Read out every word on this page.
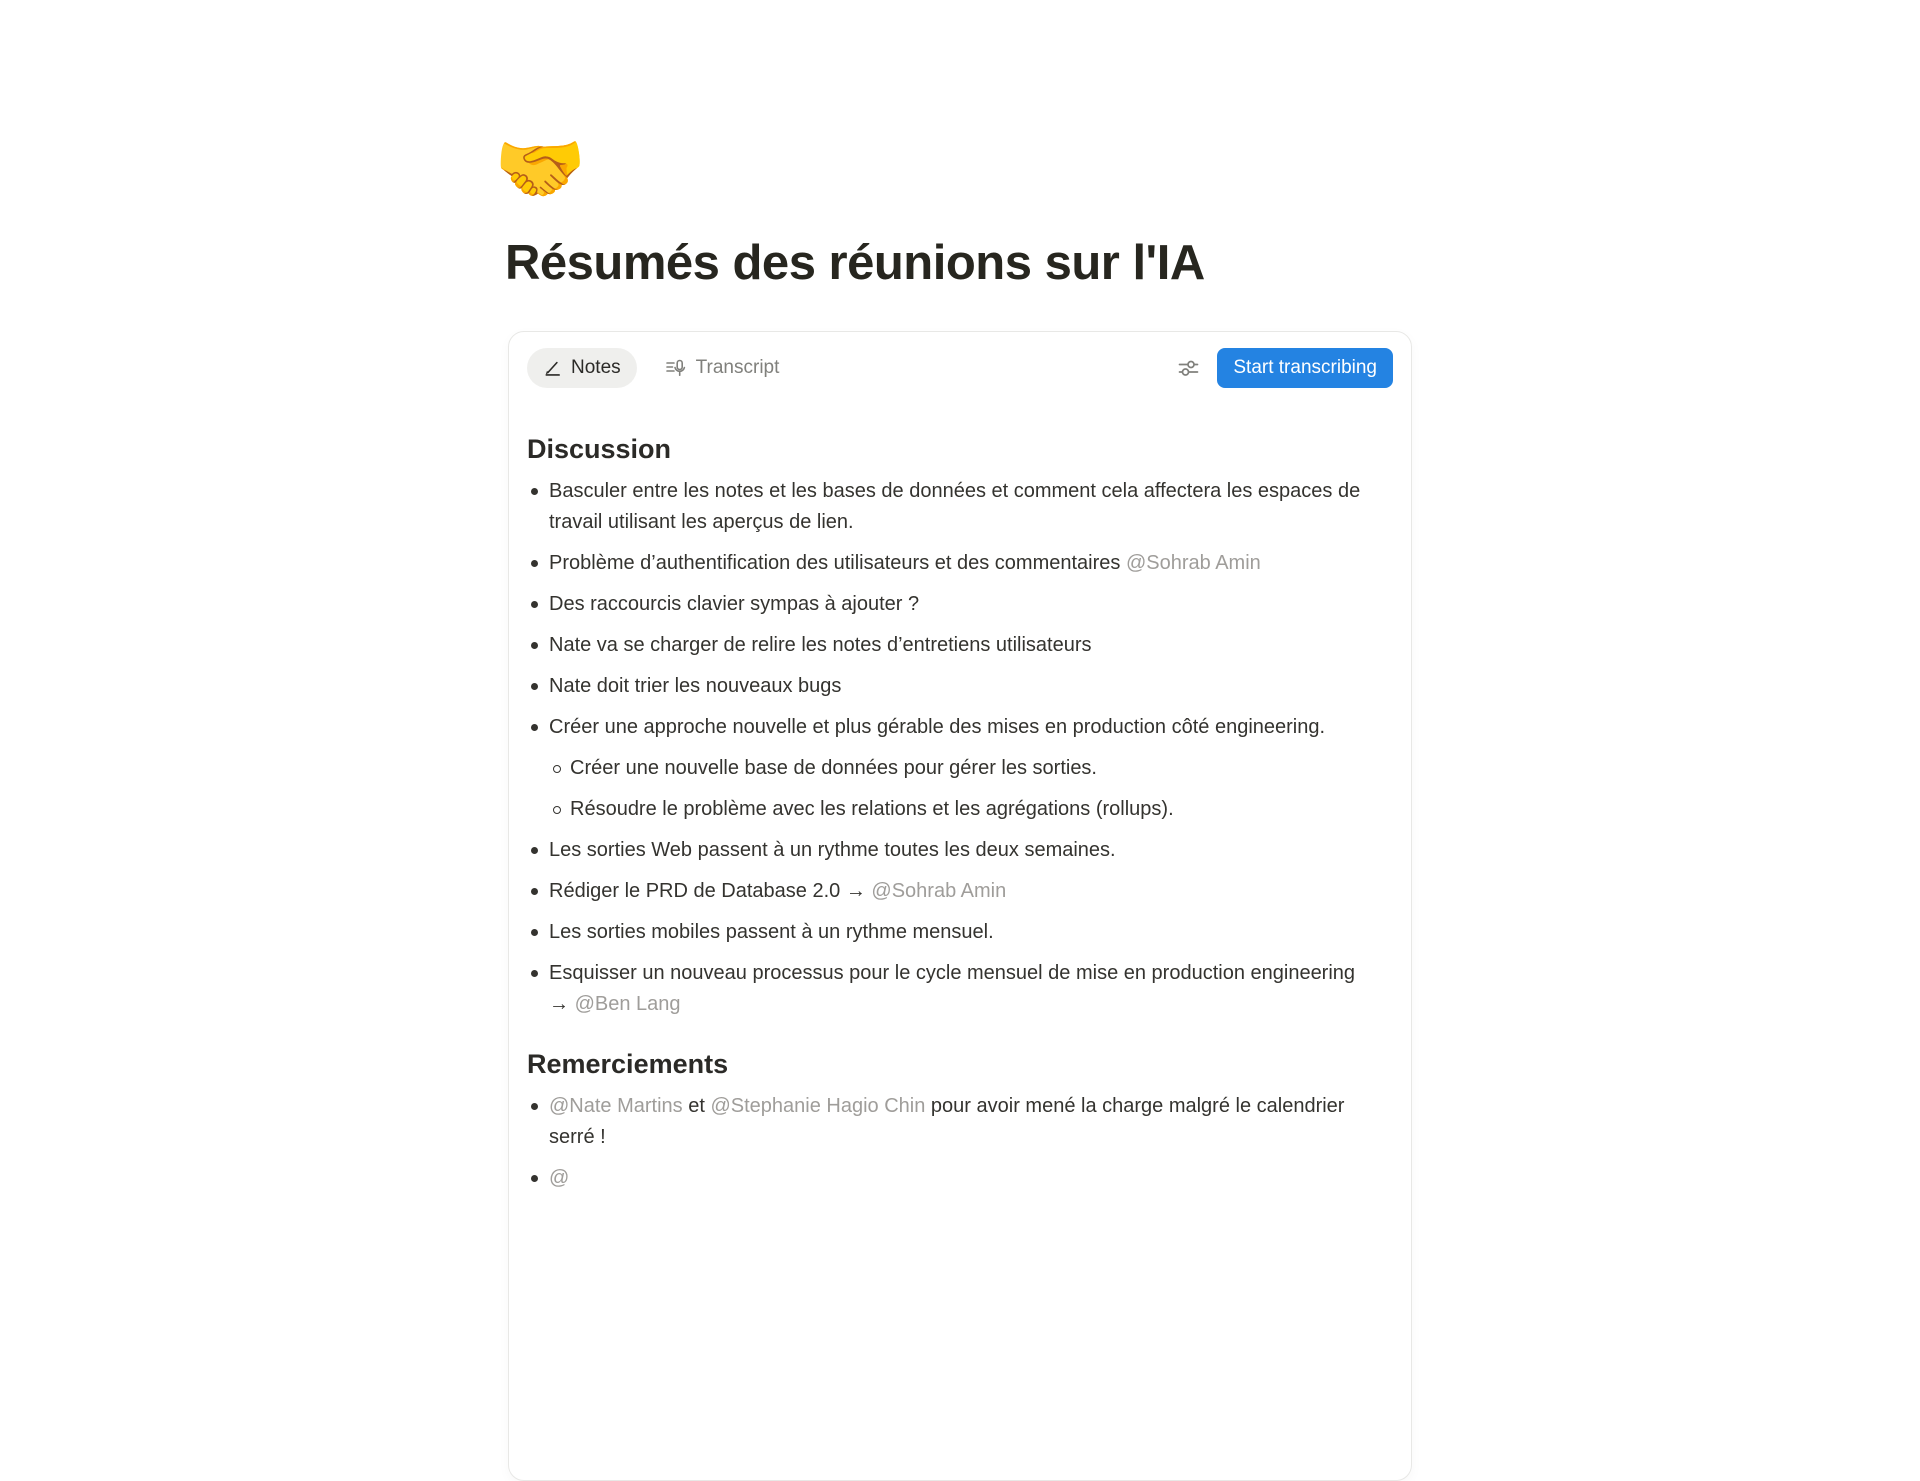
🤝
Résumés des réunions sur l'IA
Notes	Transcript	Start transcribing
Discussion
Basculer entre les notes et les bases de données et comment cela affectera les espaces de travail utilisant les aperçus de lien.
Problème d’authentification des utilisateurs et des commentaires @Sohrab Amin
Des raccourcis clavier sympas à ajouter ?
Nate va se charger de relire les notes d’entretiens utilisateurs
Nate doit trier les nouveaux bugs
Créer une approche nouvelle et plus gérable des mises en production côté engineering.
Créer une nouvelle base de données pour gérer les sorties.
Résoudre le problème avec les relations et les agrégations (rollups).
Les sorties Web passent à un rythme toutes les deux semaines.
Rédiger le PRD de Database 2.0 → @Sohrab Amin
Les sorties mobiles passent à un rythme mensuel.
Esquisser un nouveau processus pour le cycle mensuel de mise en production engineering → @Ben Lang
Remerciements
@Nate Martins et @Stephanie Hagio Chin pour avoir mené la charge malgré le calendrier serré !
@
